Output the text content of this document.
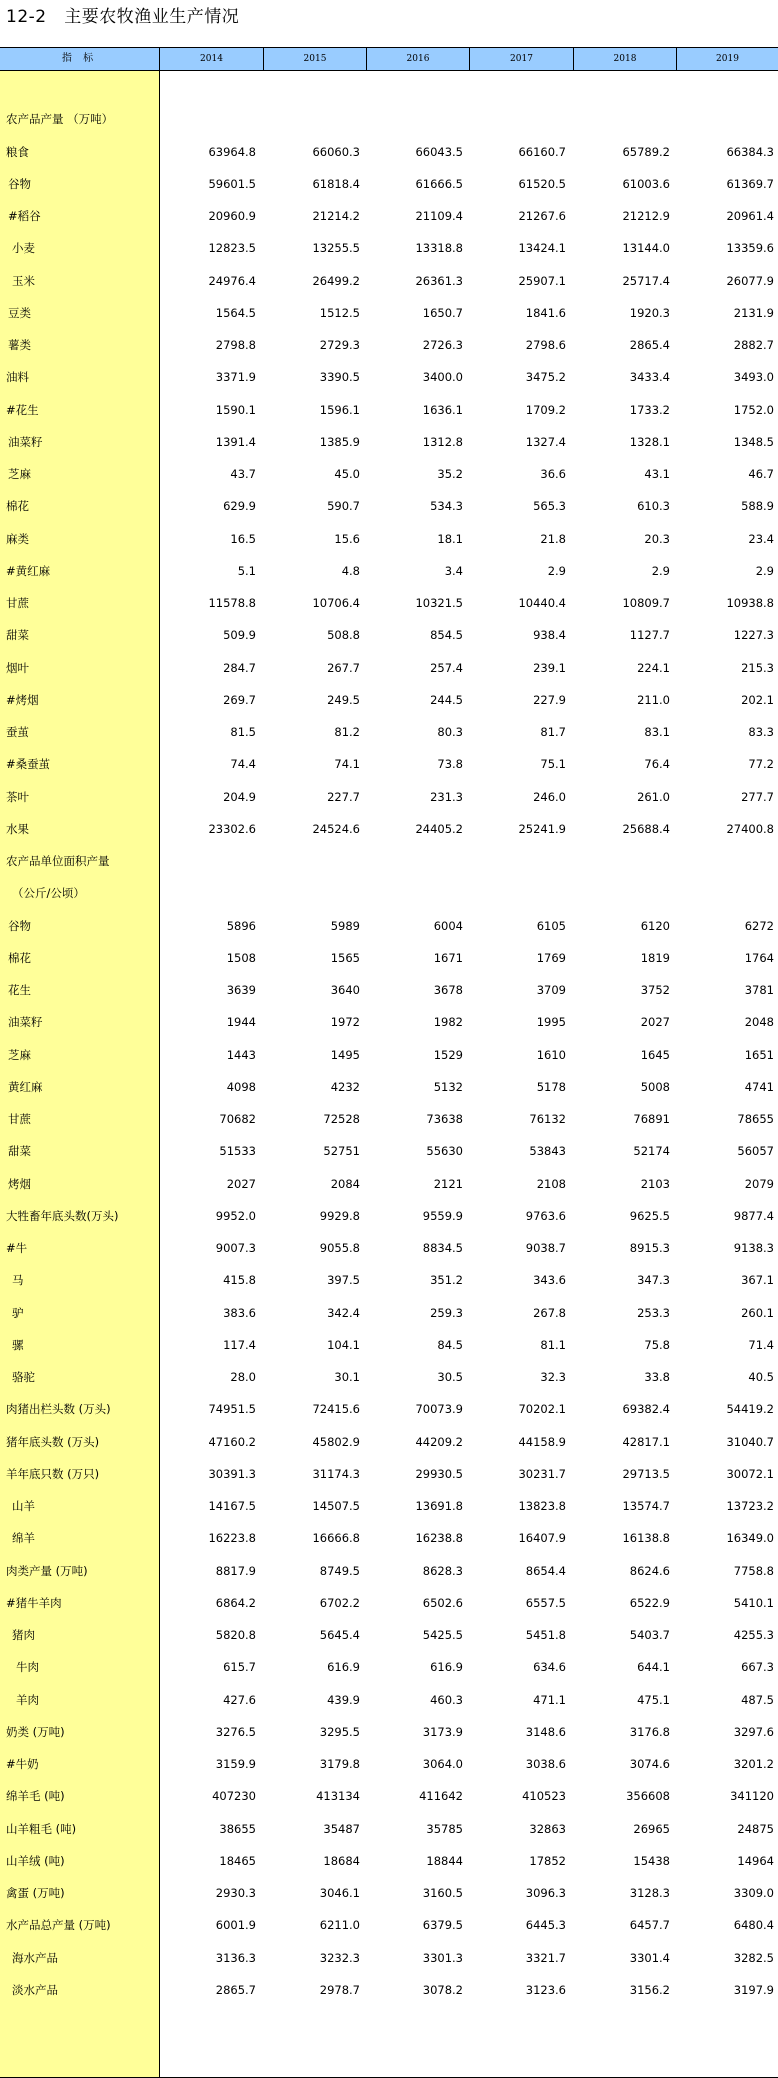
12-2   主要农牧渔业生产情况
指 标	2014	2015	2016	2017	2018	2019
农产品产量 （万吨）
粮食	63964.8	66060.3	66043.5	66160.7	65789.2	66384.3
谷物	59601.5	61818.4	61666.5	61520.5	61003.6	61369.7
#稻谷	20960.9	21214.2	21109.4	21267.6	21212.9	20961.4
小麦	12823.5	13255.5	13318.8	13424.1	13144.0	13359.6
玉米	24976.4	26499.2	26361.3	25907.1	25717.4	26077.9
豆类	1564.5	1512.5	1650.7	1841.6	1920.3	2131.9
薯类	2798.8	2729.3	2726.3	2798.6	2865.4	2882.7
油料	3371.9	3390.5	3400.0	3475.2	3433.4	3493.0
#花生	1590.1	1596.1	1636.1	1709.2	1733.2	1752.0
油菜籽	1391.4	1385.9	1312.8	1327.4	1328.1	1348.5
芝麻	43.7	45.0	35.2	36.6	43.1	46.7
棉花	629.9	590.7	534.3	565.3	610.3	588.9
麻类	16.5	15.6	18.1	21.8	20.3	23.4
#黄红麻	5.1	4.8	3.4	2.9	2.9	2.9
甘蔗	11578.8	10706.4	10321.5	10440.4	10809.7	10938.8
甜菜	509.9	508.8	854.5	938.4	1127.7	1227.3
烟叶	284.7	267.7	257.4	239.1	224.1	215.3
#烤烟	269.7	249.5	244.5	227.9	211.0	202.1
蚕茧	81.5	81.2	80.3	81.7	83.1	83.3
#桑蚕茧	74.4	74.1	73.8	75.1	76.4	77.2
茶叶	204.9	227.7	231.3	246.0	261.0	277.7
水果	23302.6	24524.6	24405.2	25241.9	25688.4	27400.8
农产品单位面积产量
（公斤/公顷）
谷物	5896	5989	6004	6105	6120	6272
棉花	1508	1565	1671	1769	1819	1764
花生	3639	3640	3678	3709	3752	3781
油菜籽	1944	1972	1982	1995	2027	2048
芝麻	1443	1495	1529	1610	1645	1651
黄红麻	4098	4232	5132	5178	5008	4741
甘蔗	70682	72528	73638	76132	76891	78655
甜菜	51533	52751	55630	53843	52174	56057
烤烟	2027	2084	2121	2108	2103	2079
大牲畜年底头数(万头)	9952.0	9929.8	9559.9	9763.6	9625.5	9877.4
#牛	9007.3	9055.8	8834.5	9038.7	8915.3	9138.3
马	415.8	397.5	351.2	343.6	347.3	367.1
驴	383.6	342.4	259.3	267.8	253.3	260.1
骡	117.4	104.1	84.5	81.1	75.8	71.4
骆驼	28.0	30.1	30.5	32.3	33.8	40.5
肉猪出栏头数 (万头)	74951.5	72415.6	70073.9	70202.1	69382.4	54419.2
猪年底头数 (万头)	47160.2	45802.9	44209.2	44158.9	42817.1	31040.7
羊年底只数 (万只)	30391.3	31174.3	29930.5	30231.7	29713.5	30072.1
山羊	14167.5	14507.5	13691.8	13823.8	13574.7	13723.2
绵羊	16223.8	16666.8	16238.8	16407.9	16138.8	16349.0
肉类产量 (万吨)	8817.9	8749.5	8628.3	8654.4	8624.6	7758.8
#猪牛羊肉	6864.2	6702.2	6502.6	6557.5	6522.9	5410.1
猪肉	5820.8	5645.4	5425.5	5451.8	5403.7	4255.3
牛肉	615.7	616.9	616.9	634.6	644.1	667.3
羊肉	427.6	439.9	460.3	471.1	475.1	487.5
奶类 (万吨)	3276.5	3295.5	3173.9	3148.6	3176.8	3297.6
#牛奶	3159.9	3179.8	3064.0	3038.6	3074.6	3201.2
绵羊毛 (吨)	407230	413134	411642	410523	356608	341120
山羊粗毛 (吨)	38655	35487	35785	32863	26965	24875
山羊绒 (吨)	18465	18684	18844	17852	15438	14964
禽蛋 (万吨)	2930.3	3046.1	3160.5	3096.3	3128.3	3309.0
水产品总产量 (万吨)	6001.9	6211.0	6379.5	6445.3	6457.7	6480.4
海水产品	3136.3	3232.3	3301.3	3321.7	3301.4	3282.5
淡水产品	2865.7	2978.7	3078.2	3123.6	3156.2	3197.9
